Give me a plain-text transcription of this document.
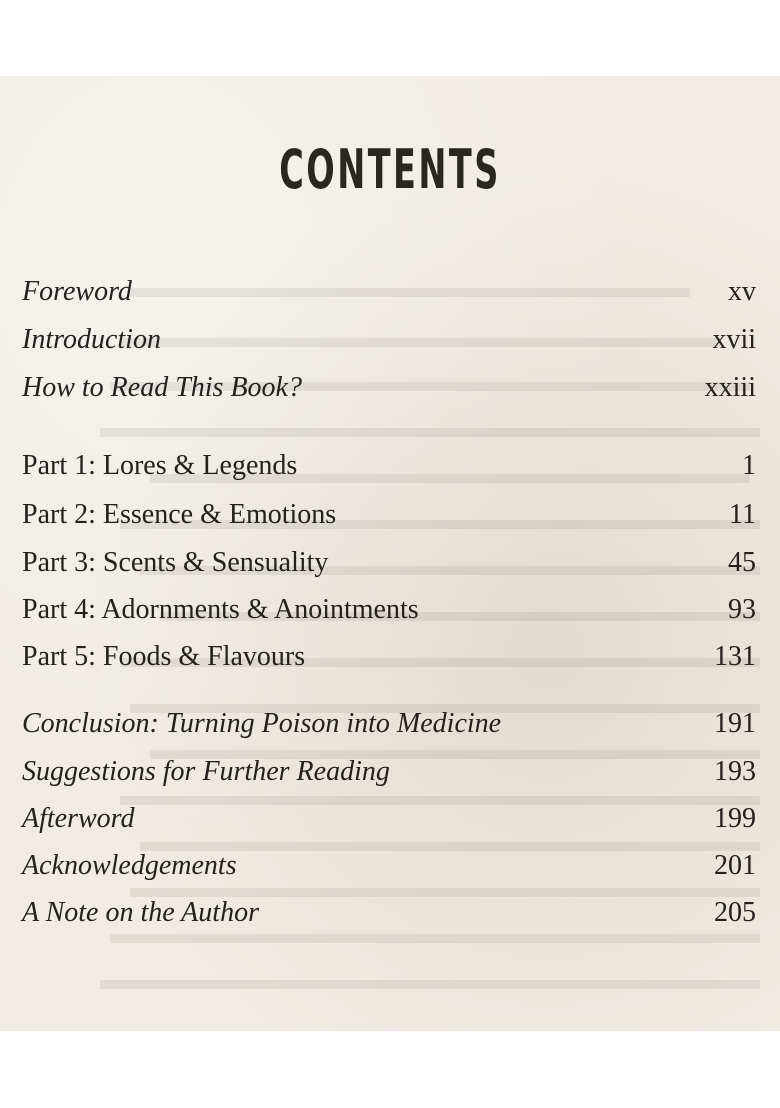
CONTENTS
Foreword	xv
Introduction	xvii
How to Read This Book?	xxiii
Part 1: Lores & Legends	1
Part 2: Essence & Emotions	11
Part 3: Scents & Sensuality	45
Part 4: Adornments & Anointments	93
Part 5: Foods & Flavours	131
Conclusion: Turning Poison into Medicine	191
Suggestions for Further Reading	193
Afterword	199
Acknowledgements	201
A Note on the Author	205
